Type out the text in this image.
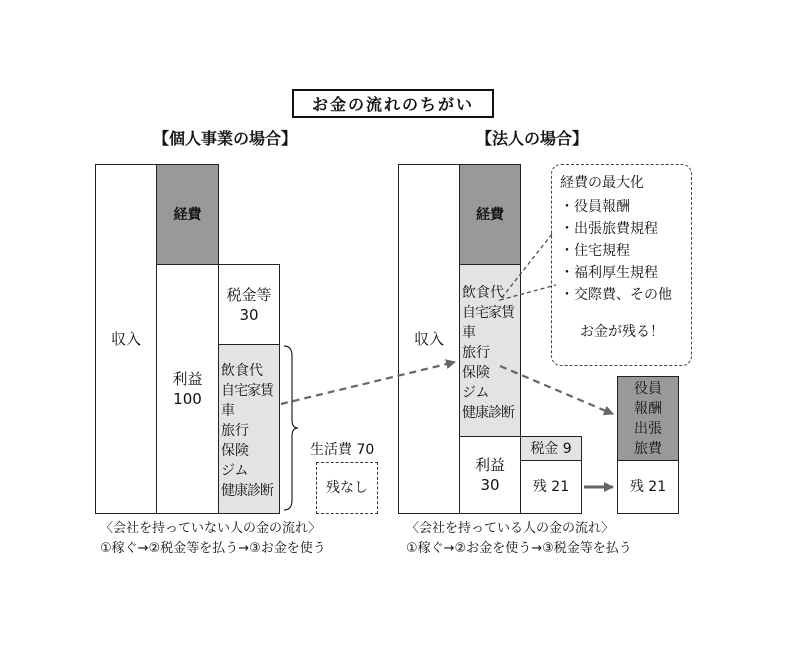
お金の流れのちがい
【個人事業の場合】
収入
経費
利益
100
税金等
30
飲食代
自宅家賃
車
旅行
保険
ジム
健康診断
生活費 70
残なし
〈会社を持っていない人の金の流れ〉
①稼ぐ→②税金等を払う→③お金を使う
【法人の場合】
収入
経費
飲食代
自宅家賃
車
旅行
保険
ジム
健康診断
利益
30
税金 9
残 21
役員
報酬
出張
旅費
残 21
経費の最大化
・役員報酬
・出張旅費規程
・住宅規程
・福利厚生規程
・交際費、その他
お金が残る！
〈会社を持っている人の金の流れ〉
①稼ぐ→②お金を使う→③税金等を払う
